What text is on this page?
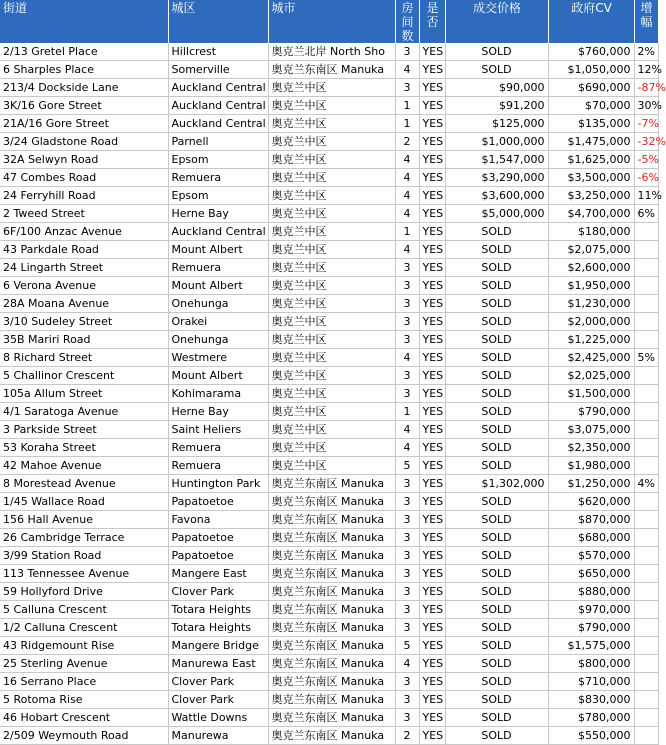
街道	城区	城市	房间数	是否	成交价格	政府CV	增幅

2/13 Gretel Place	Hillcrest	奥克兰北岸 North Sho	3	YES	SOLD	$760,000	2%
6 Sharples Place	Somerville	奥克兰东南区 Manuka	4	YES	SOLD	$1,050,000	12%
213/4 Dockside Lane	Auckland Central	奥克兰中区	3	YES	$90,000	$690,000	-87%
3K/16 Gore Street	Auckland Central	奥克兰中区	1	YES	$91,200	$70,000	30%
21A/16 Gore Street	Auckland Central	奥克兰中区	1	YES	$125,000	$135,000	-7%
3/24 Gladstone Road	Parnell	奥克兰中区	2	YES	$1,000,000	$1,475,000	-32%
32A Selwyn Road	Epsom	奥克兰中区	4	YES	$1,547,000	$1,625,000	-5%
47 Combes Road	Remuera	奥克兰中区	4	YES	$3,290,000	$3,500,000	-6%
24 Ferryhill Road	Epsom	奥克兰中区	4	YES	$3,600,000	$3,250,000	11%
2 Tweed Street	Herne Bay	奥克兰中区	4	YES	$5,000,000	$4,700,000	6%
6F/100 Anzac Avenue	Auckland Central	奥克兰中区	1	YES	SOLD	$180,000	
43 Parkdale Road	Mount Albert	奥克兰中区	4	YES	SOLD	$2,075,000	
24 Lingarth Street	Remuera	奥克兰中区	3	YES	SOLD	$2,600,000	
6 Verona Avenue	Mount Albert	奥克兰中区	3	YES	SOLD	$1,950,000	
28A Moana Avenue	Onehunga	奥克兰中区	3	YES	SOLD	$1,230,000	
3/10 Sudeley Street	Orakei	奥克兰中区	3	YES	SOLD	$2,000,000	
35B Mariri Road	Onehunga	奥克兰中区	3	YES	SOLD	$1,225,000	
8 Richard Street	Westmere	奥克兰中区	4	YES	SOLD	$2,425,000	5%
5 Challinor Crescent	Mount Albert	奥克兰中区	3	YES	SOLD	$2,025,000	
105a Allum Street	Kohimarama	奥克兰中区	3	YES	SOLD	$1,500,000	
4/1 Saratoga Avenue	Herne Bay	奥克兰中区	1	YES	SOLD	$790,000	
3 Parkside Street	Saint Heliers	奥克兰中区	4	YES	SOLD	$3,075,000	
53 Koraha Street	Remuera	奥克兰中区	4	YES	SOLD	$2,350,000	
42 Mahoe Avenue	Remuera	奥克兰中区	5	YES	SOLD	$1,980,000	
8 Morestead Avenue	Huntington Park	奥克兰东南区 Manuka	3	YES	$1,302,000	$1,250,000	4%
1/45 Wallace Road	Papatoetoe	奥克兰东南区 Manuka	3	YES	SOLD	$620,000	
156 Hall Avenue	Favona	奥克兰东南区 Manuka	3	YES	SOLD	$870,000	
26 Cambridge Terrace	Papatoetoe	奥克兰东南区 Manuka	3	YES	SOLD	$680,000	
3/99 Station Road	Papatoetoe	奥克兰东南区 Manuka	3	YES	SOLD	$570,000	
113 Tennessee Avenue	Mangere East	奥克兰东南区 Manuka	3	YES	SOLD	$650,000	
59 Hollyford Drive	Clover Park	奥克兰东南区 Manuka	3	YES	SOLD	$880,000	
5 Calluna Crescent	Totara Heights	奥克兰东南区 Manuka	3	YES	SOLD	$970,000	
1/2 Calluna Crescent	Totara Heights	奥克兰东南区 Manuka	3	YES	SOLD	$790,000	
43 Ridgemount Rise	Mangere Bridge	奥克兰东南区 Manuka	5	YES	SOLD	$1,575,000	
25 Sterling Avenue	Manurewa East	奥克兰东南区 Manuka	4	YES	SOLD	$800,000	
16 Serrano Place	Clover Park	奥克兰东南区 Manuka	3	YES	SOLD	$710,000	
5 Rotoma Rise	Clover Park	奥克兰东南区 Manuka	3	YES	SOLD	$830,000	
46 Hobart Crescent	Wattle Downs	奥克兰东南区 Manuka	3	YES	SOLD	$780,000	
2/509 Weymouth Road	Manurewa	奥克兰东南区 Manuka	2	YES	SOLD	$550,000	
